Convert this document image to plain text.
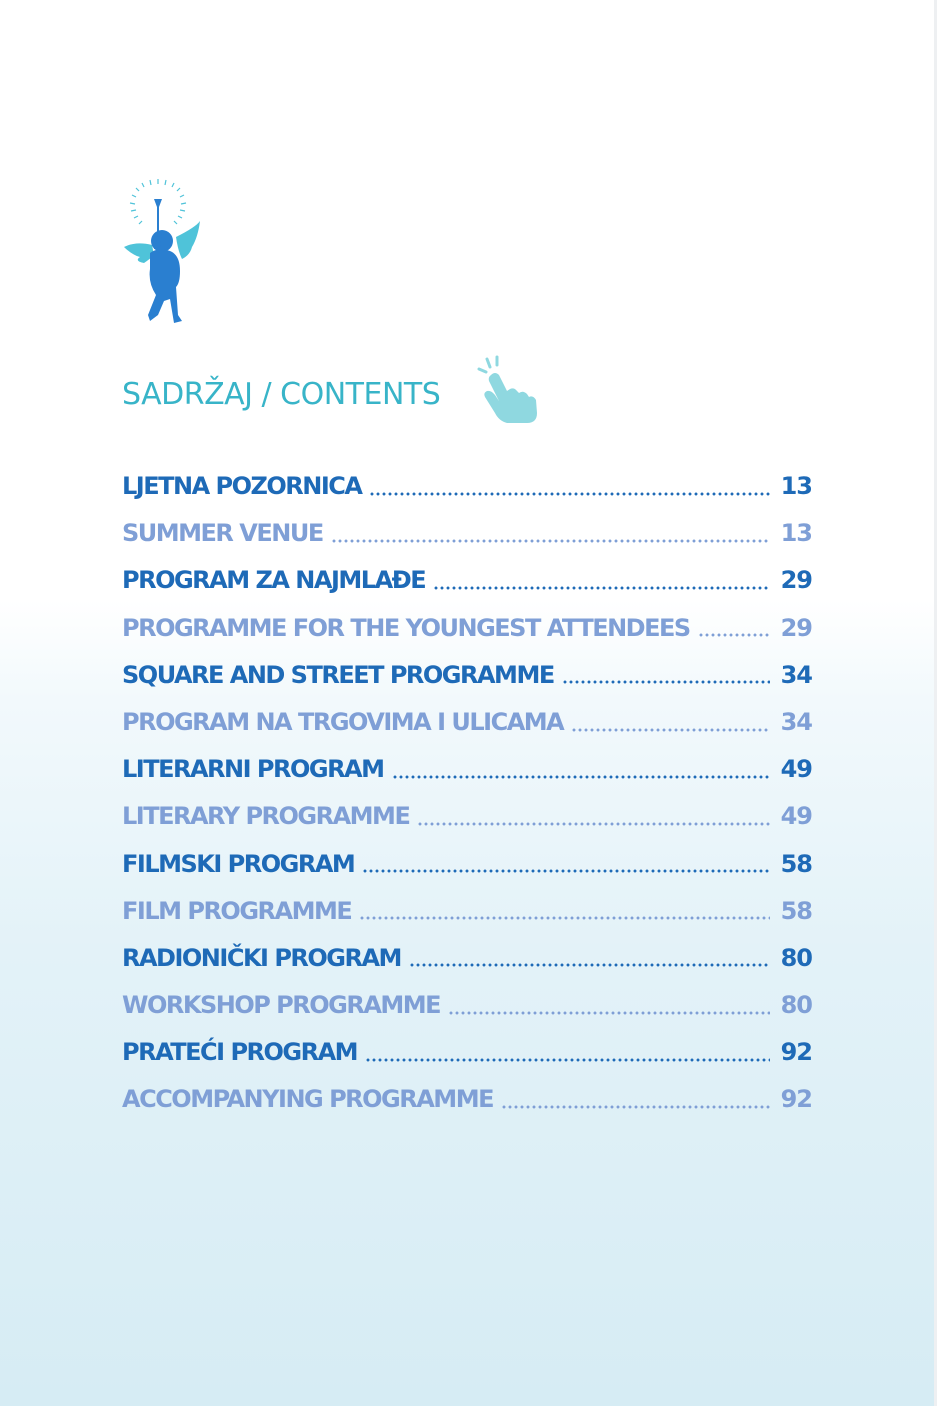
SADRŽAJ / CONTENTS
LJETNA POZORNICA	13
SUMMER VENUE	13
PROGRAM ZA NAJMLAĐE	29
PROGRAMME FOR THE YOUNGEST ATTENDEES	29
SQUARE AND STREET PROGRAMME	34
PROGRAM NA TRGOVIMA I ULICAMA	34
LITERARNI PROGRAM	49
LITERARY PROGRAMME	49
FILMSKI PROGRAM	58
FILM PROGRAMME	58
RADIONIČKI PROGRAM	80
WORKSHOP PROGRAMME	80
PRATEĆI PROGRAM	92
ACCOMPANYING PROGRAMME	92
